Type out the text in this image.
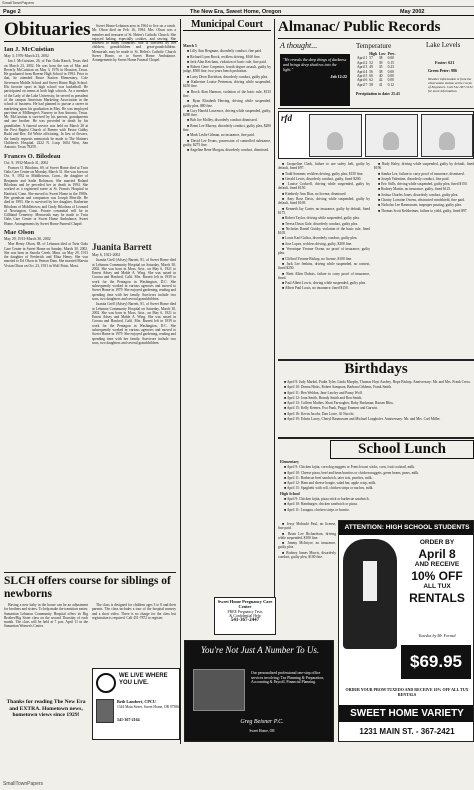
SmallTownPapers
Page 2	The New Era, Sweet Home, Oregon	May 2002
Obituaries
Ian J. McCuistian
May 3, 1976-March 23, 2002

Ian J. McCuistian, 26, of Fair Oaks Ranch, Texas died on March 23, 2002. He was born the son of Mac and Beverly McCuistian on May 3, 1976 in Houston, Texas. He graduated from Boerne High School in 1994. Prior to that, he attended Bruce Station Elementary, Cole Stevenson Middle School and Sweet Home High School. His favorite sport in high school was basketball. He participated on teams at both high schools. As a member of the Lady of the Lake University, he served as president of the campus American Marketing Association in the school of business. He had planned to pursue a career in marketing upon his graduation in May. He was employed part-time at Millberger's Nursery in San Antonio, Texas. Mr. McCuistian is survived by his parents, grandparents and one brother. He was preceded in death by his grandfather. A funeral service was held on March 28 at the First Baptist Church of Boerne with Pastor Gabby Rudd and Rev. Ed White officiating. In lieu of flowers, the family requests memorials be made to The Shriners Children's Hospital, 2222 N. Loop 1604 West, San Antonio, Texas 78259.

Frances O. Bilodeau
Oct. 9, 1932-March 31, 2002

Frances O. Bilodeau, 69, of Sweet Home died at Twin Oaks Care Center on Monday, March 31. She was born on Oct. 9, 1932 in Middletown, Conn., the daughter of Benjamin and Sadie Robinson. She married Roland Bilodeau and he preceded her in death in 1994. She worked as a registered nurse at St. Francis Hospital in Hartford, Conn. She moved to Sweet Home in the 1980s. Her grandson and companion was Joseph Merrille. He died in 1993. She is survived by her daughter, Katherine Bilodeau of Middletown; and Cindy Bilodeau of Leonard of Newington, Conn. Private committal will be in Gilliland Cemetery. Memorials may be made to Twin Oaks Care Center or Sweet Home Ambulance, Sweet Home. Arrangements by Sweet Home Funeral Chapel.

Mae Olson
May 29, 1913-March 30, 2002

Mae Henry Olson, 88, of Lebanon died at Twin Oaks Care Center in Sweet Home on Sunday, March 30, 2002. She was born in Snooks Creek, Minn. on May 29, 1913 the daughter of Frederick and Eliza Henry. She was married to Ed Olson in Vernon Dam. She married Marvin Vivian Olson on Oct. 23, 1931 in Wolf Point, Mont.

Sweet Home-Lebanon area in 1964 to live on a ranch. Mr. Olson died on Feb. 16, 1984. Mrs. Olson was a member and treasurer of St. Helen's Catholic Church. She enjoyed baking, especially cookies, and sewing. She traveled to many countries. She is survived by her children, grandchildren and great-grandchildren. Memorials may be made to St. Helen's Catholic Church Sweet Home, or to Sweet Home Ambulance. Arrangements by Sweet Home Funeral Chapel.

Juanita Barrett
May 6, 1921-2002

Juanita Grell (Adsey) Barrett, 81, of Sweet Home died at Lebanon Community Hospital on Saturday, March 30, 2002. She was born in Moss, Ariz., on May 6, 1921 to Ernest Adsey and Mable A. Wing. She was raised in Corona and Hanford, Calif. Mrs. Barrett left in 1939 to work for the Pentagon in Washington, D.C. She subsequently worked in various agencies and moved to Sweet Home in 1979. She enjoyed gardening, reading and spending time with her family. Survivors include two sons, two daughters and several grandchildren.

Juanita Grell (Adsey) Barrett, 81, of Sweet Home died at Lebanon Community Hospital on Saturday, March 30, 2002. She was born in Moss, Ariz., on May 6, 1921 to Ernest Adsey and Mable A. Wing. She was raised in Corona and Hanford, Calif. Mrs. Barrett left in 1939 to work for the Pentagon in Washington, D.C. She subsequently worked in various agencies and moved to Sweet Home in 1979. She enjoyed gardening, reading and spending time with her family. Survivors include two sons, two daughters and several grandchildren.

SLCH offers course for siblings of newborns

Having a new baby in the house can be an adjustment for brothers and sisters. To help make the transition easier, Samaritan Lebanon Community Hospital offers its Big Brother/Big Sister class on the second Thursday of each month. The class will be held at 7 p.m. April 11 in the Samaritan Women's Center.

The class is designed for children ages 3 to 8 and their parents. The class includes a tour of the hospital nursery and a short video. There is no charge for the class but registration is required. Call 451-7872 to register.

Thanks for reading The New Era and EXTRA. Hometown news, hometown views since 1929!
WE LIVE WHERE YOU LIVE.
Beth Lambert, CPCU
1344 Main Street, Sweet Home, OR 97386
541-367-2164
Municipal Court
March 5

■ Lilly Ann Bergman, disorderly conduct, fine paid.

■ Richard Lynn Brock, reckless driving, $160 fine.

■ Jack Alan Ketcham, violation of basic rule, fine paid.

■ Robert Gene Carpenter, fourth degree assault, guilty by judge, $500 fine, two years bench probation.

■ Larry Deon Davidson, disorderly conduct, guilty plea.

■ Katherine Louise Peterman, driving while suspended, $250 fine.

■ Brock Alan Harmon, violation of the basic rule, $135 fine.

■ Ryan Elizabeth Herring, driving while suspended, guilty plea, $80 fine.

■ Cory Harold Lawrence, driving while suspended, guilty, $280 fine.

■ Bob Joe Molley, disorderly conduct dismissed.

■ Brent Lee Murray, disorderly conduct, guilty plea, $200 fine.

■ Mark Leslie Gilman, no insurance, fine paid.

■ David Lee Evans, possession of controlled substance, guilty, $275 fine.

■ Angeline Rene Morgan, disorderly conduct, dismissed.

Almanac/ Public Records
A thought...
"He reveals the deep things of darkness and brings deep shadows into the light."
Job 12:22
Temperature
	High	Low	Prec.
April 1	57	38	0.00
April 2	52	39	0.15
April 3	49	35	0.23
April 4	56	38	0.00
April 5	60	40	0.00
April 6	62	42	0.00
April 7	58	41	0.12
Precipitation to date: 25.43
Lake Levels
Foster: 621
Green Peter: 986
Weather information is from the observation station at the Corps of Engineers. Call 541-367-5132 for more information.
rfd

■ Jacqueline Clark, failure to use safety belt, guilty by default, fined $97.

■ Todd Sommer, reckless driving, guilty plea, $150 fine.

■ Gerald Lewis, disorderly conduct, guilty, fined $200.

■ Louise Cockrell, driving while suspended, guilty by default, fined $150.

■ Kimberly Ann Dias, no license, dismissed.

■ Amy Rose Davis, driving while suspended, guilty by default, fined $169.

■ Kenneth Jay Carter, no insurance, guilty by default, fined $175.

■ Robert Taylor, driving while suspended, guilty plea.

■ Teresa Dawn Gale, disorderly conduct, guilty plea.

■ Nicholas Daniel Guidry, violation of the basic rule, fined $105.

■ Louis Karl Galica, disorderly conduct, guilty plea.

■ Jose Lopez, reckless driving, guilty, $200 fine.

■ Veronique Yvonne Ocean, no proof of insurance, guilty plea.

■ Clifford Yvonne Bishop, no license, $100 fine.

■ Jack Lee Jenkins, driving while suspended, no contest, fined $250.

■ Brett Allen Dubois, failure to carry proof of insurance, fined.

■ Paul Albert Lewis, driving while suspended, guilty plea.

■ Albert Paul Louis, no insurance, fined $150.

■ Rudy Haley, driving while suspended, guilty by default, fined $190.

■ Sandra Lee, failure to carry proof of insurance, dismissed.

■ Joseph Valentine, disorderly conduct, fine paid.

■ Eric Stills, driving while suspended, guilty plea, fined $150.

■ Rodney Martin, no insurance, guilty, fined $125.

■ Joshua Charles Jones, disorderly conduct, guilty plea.

■ Charity Lorraine Owens, obstructed windshield, fine paid.

■ Nicholas Lee Rasmussen, improper passing, guilty plea.

■ Thomas Scott Kelsheimer, failure to yield, guilty, fined $97.

Birthdays

■ April 9: Judy Markel, Pudin Tyler, Linda Murphy, Thomas Hoyt Ausbey, Hope Bishop. Anniversary: Mr. and Mrs. Frank Cross.

■ April 10: Donna Hicks, Robert Sampson, Barbara Gibbens, Frank Smith.

■ April 11: Ben Weldon, Jane Lawley and Pansy Wolf.

■ April 12: Joan Smith, Brandy Smith and Ron Smith.

■ April 13: Colleen Mathes, Shari Farwagher, Ruby Buckman, Burtan Bliss.

■ April 15: Kelly Keenes, Eva Funk, Peggy Emmert and Garwin.

■ April 16: Kevin Jacobs, Dan Lowe, Al Nucchi.

■ April 19: Edwin Lacey, Cheryl Rasmussen and Michael Langhofer. Anniversary: Mr. and Mrs. Carl Miller.

School Lunch
Elementary

■ April 9: Chicken fajita, corn dog nuggets or French toast sticks, corn, fruit cocktail, milk.

■ April 10: Cheese pizza, beef and bean burritos or chicken nuggets, green beans, pears, milk.

■ April 11: Barbecue beef sandwich, tater tots, peaches, milk.

■ April 12: Ham and cheese hoagie, salad bar, apple crisp, milk.

■ April 15: Spaghetti with roll, chicken strips or nachos, milk.

High School

■ April 9: Chicken fajita, pizza stick or barbecue sandwich.

■ April 10: Hamburger, chicken sandwich or pizza.

■ April 11: Lasagna, chicken strips or burrito.

Sweet Home Pregnancy Care Center
FREE Pregnancy Tests
& Confidential Help
541-367-2447
You're Not Just A Number To Us.
Our personalized professional one-stop office services involving: Tax Planning & Preparation, Accounting & Payroll, Financial Planning.
Greg Beisner P.C.
Sweet Home, OR
ATTENTION: HIGH SCHOOL STUDENTS
ORDER BY
April 8
AND RECEIVE
10% OFF
ALL TUX
RENTALS
Tuxedos by Mr. Formal
$69.95
ORDER YOUR PROM TUXEDO AND RECEIVE 10% OFF ALL TUX RENTALS
SWEET HOME VARIETY
1231 MAIN ST. - 367-2421

■ Jessy Mokashi Paul, no license, fine paid.

■ Brian Lee Richardson, driving while suspended, $100 fine.

■ Jimmy McIntyre, no insurance, guilty plea.

■ Rodney James Morris, disorderly conduct, guilty plea, $100 fine.

SmallTownPapers
